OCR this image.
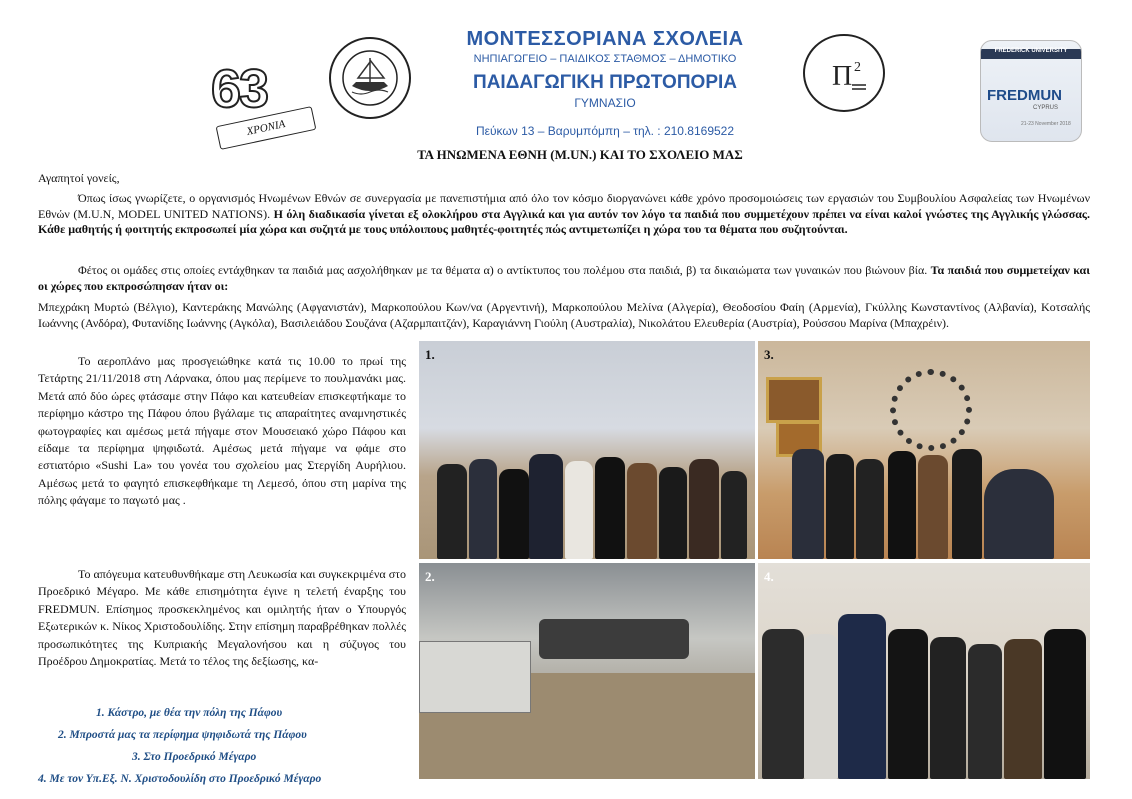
63
ΧΡΟΝΙΑ
ΜΟΝΤΕΣΣΟΡΙΑΝΑ ΣΧΟΛΕΙΑ
ΝΗΠΙΑΓΩΓΕΙΟ – ΠΑΙΔΙΚΟΣ ΣΤΑΘΜΟΣ – ΔΗΜΟΤΙΚΟ
ΠΑΙΔΑΓΩΓΙΚΗ ΠΡΩΤΟΠΟΡΙΑ
ΓΥΜΝΑΣΙΟ
Πεύκων 13 – Βαρυμπόμπη – τηλ. : 210.8169522
Π 2
FREDERICK UNIVERSITY
FREDMUN
CYPRUS
21-23 November 2018
ΤΑ ΗΝΩΜΕΝΑ ΕΘΝΗ (M.UN.) ΚΑΙ ΤΟ ΣΧΟΛΕΙΟ ΜΑΣ
Αγαπητοί γονείς,
Όπως ίσως γνωρίζετε, ο οργανισμός Ηνωμένων Εθνών σε συνεργασία με πανεπιστήμια από όλο τον κόσμο διοργανώνει κάθε χρόνο προσομοιώσεις των εργασιών του Συμβουλίου Ασφαλείας των Ηνωμένων Εθνών (M.U.N, MODEL UNITED NATIONS). Η όλη διαδικασία γίνεται εξ ολοκλήρου στα Αγγλικά και για αυτόν τον λόγο τα παιδιά που συμμετέχουν πρέπει να είναι καλοί γνώστες της Αγγλικής γλώσσας. Κάθε μαθητής ή φοιτητής εκπροσωπεί μία χώρα και συζητά με τους υπόλοιπους μαθητές-φοιτητές πώς αντιμετωπίζει η χώρα του τα θέματα που συζητούνται.
Φέτος οι ομάδες στις οποίες εντάχθηκαν τα παιδιά μας ασχολήθηκαν με τα θέματα α) ο αντίκτυπος του πολέμου στα παιδιά, β) τα δικαιώματα των γυναικών που βιώνουν βία. Τα παιδιά που συμμετείχαν και οι χώρες που εκπροσώπησαν ήταν οι:
Μπεχράκη Μυρτώ (Βέλγιο), Καντεράκης Μανώλης (Αφγανιστάν), Μαρκοπούλου Κων/να (Αργεντινή), Μαρκοπούλου Μελίνα (Αλγερία), Θεοδοσίου Φαίη (Αρμενία), Γκύλλης Κωνσταντίνος (Αλβανία), Κοτσαλής Ιωάννης (Ανδόρα), Φυτανίδης Ιωάννης (Αγκόλα), Βασιλειάδου Σουζάνα (Αζαρμπαιτζάν), Καραγιάννη Γιούλη (Αυστραλία), Νικολάτου Ελευθερία (Αυστρία), Ρούσσου Μαρίνα (Μπαχρέιν).
Το αεροπλάνο μας προσγειώθηκε κατά τις 10.00 το πρωί της Τετάρτης 21/11/2018 στη Λάρνακα, όπου μας περίμενε το πουλμανάκι μας. Μετά από δύο ώρες φτάσαμε στην Πάφο και κατευθείαν επισκεφτήκαμε το περίφημο κάστρο της Πάφου όπου βγάλαμε τις απαραίτητες αναμνηστικές φωτογραφίες και αμέσως μετά πήγαμε στον Μουσειακό χώρο Πάφου και είδαμε τα περίφημα ψηφιδωτά. Αμέσως μετά πήγαμε να φάμε στο εστιατόριο «Sushi La» του γονέα του σχολείου μας Στεργίδη Αυρήλιου. Αμέσως μετά το φαγητό επισκεφθήκαμε τη Λεμεσό, όπου στη μαρίνα της πόλης φάγαμε το παγωτό μας .
Το απόγευμα κατευθυνθήκαμε στη Λευκωσία και συγκεκριμένα στο Προεδρικό Μέγαρο. Με κάθε επισημότητα έγινε η τελετή έναρξης του FREDMUN. Επίσημος προσκεκλημένος και ομιλητής ήταν ο Υπουργός Εξωτερικών κ. Νίκος Χριστοδουλίδης. Στην επίσημη παραβρέθηκαν πολλές προσωπικότητες της Κυπριακής Μεγαλονήσου και η σύζυγος του Προέδρου Δημοκρατίας. Μετά το τέλος της δεξίωσης, κα-
1. Κάστρο, με θέα την πόλη της Πάφου
2. Μπροστά μας τα περίφημα ψηφιδωτά της Πάφου
3. Στο Προεδρικό Μέγαρο
4. Με τον Υπ.Εξ. Ν. Χριστοδουλίδη στο Προεδρικό Μέγαρο
1.
2.
3.
4.
